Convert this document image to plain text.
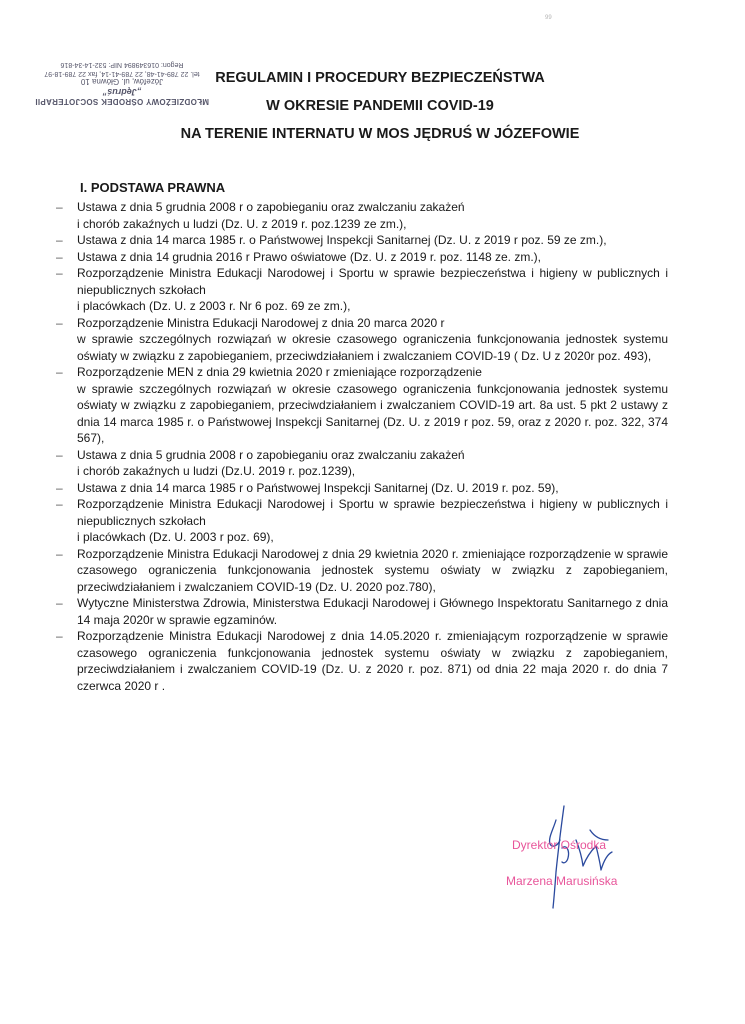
99
MŁODZIEŻOWY OŚRODEK SOCJOTERAPII
„Jędruś”
Józefów, ul. Główna 10
tel. 22 789-41-48, 22 789-41-14, fax 22 789-18-97
Regon: 016349894 NIP: 532-14-34-816
REGULAMIN I PROCEDURY BEZPIECZEŃSTWA
W OKRESIE PANDEMII COVID-19
NA TERENIE INTERNATU W MOS JĘDRUŚ W JÓZEFOWIE
I. PODSTAWA PRAWNA
–	Ustawa z dnia 5 grudnia 2008 r o zapobieganiu oraz zwalczaniu zakażeń
i chorób zakaźnych u ludzi (Dz. U. z 2019 r. poz.1239 ze zm.),
–	Ustawa z dnia 14 marca 1985 r. o Państwowej Inspekcji Sanitarnej (Dz. U. z 2019 r poz. 59 ze zm.),
–	Ustawa z dnia 14 grudnia 2016 r Prawo oświatowe (Dz. U. z 2019 r. poz. 1148 ze. zm.),
–	Rozporządzenie Ministra Edukacji Narodowej i Sportu w sprawie bezpieczeństwa i higieny w publicznych i niepublicznych szkołach
i placówkach (Dz. U. z 2003 r. Nr 6 poz. 69 ze zm.),
–	Rozporządzenie Ministra Edukacji Narodowej z dnia 20 marca 2020 r
w sprawie szczególnych rozwiązań w okresie czasowego ograniczenia funkcjonowania jednostek systemu oświaty w związku z zapobieganiem, przeciwdziałaniem i zwalczaniem COVID-19 ( Dz. U z 2020r poz. 493),
–	Rozporządzenie MEN z dnia 29 kwietnia 2020 r zmieniające rozporządzenie
w sprawie szczególnych rozwiązań w okresie czasowego ograniczenia funkcjonowania jednostek systemu oświaty w związku z zapobieganiem, przeciwdziałaniem i zwalczaniem COVID-19 art. 8a ust. 5 pkt 2 ustawy z dnia 14 marca 1985 r. o Państwowej Inspekcji Sanitarnej (Dz. U. z 2019 r poz. 59, oraz z 2020 r. poz. 322, 374 567),
–	Ustawa z dnia 5 grudnia 2008 r o zapobieganiu oraz zwalczaniu zakażeń
i chorób zakaźnych u ludzi (Dz.U. 2019 r. poz.1239),
–	Ustawa z dnia 14 marca 1985 r o Państwowej Inspekcji Sanitarnej (Dz. U. 2019 r. poz. 59),
–	Rozporządzenie Ministra Edukacji Narodowej i Sportu w sprawie bezpieczeństwa i higieny w publicznych i niepublicznych szkołach
i placówkach (Dz. U. 2003 r poz. 69),
–	Rozporządzenie Ministra Edukacji Narodowej z dnia 29 kwietnia 2020 r. zmieniające rozporządzenie w sprawie czasowego ograniczenia funkcjonowania jednostek systemu oświaty w związku z zapobieganiem, przeciwdziałaniem i zwalczaniem COVID-19 (Dz. U. 2020 poz.780),
–	Wytyczne Ministerstwa Zdrowia, Ministerstwa Edukacji Narodowej i Głównego Inspektoratu Sanitarnego z dnia 14 maja 2020r w sprawie egzaminów.
–	Rozporządzenie Ministra Edukacji Narodowej z dnia 14.05.2020 r. zmieniającym rozporządzenie w sprawie czasowego ograniczenia funkcjonowania jednostek systemu oświaty w związku z zapobieganiem, przeciwdziałaniem i zwalczaniem COVID-19 (Dz. U. z 2020 r. poz. 871) od dnia 22 maja 2020 r. do dnia 7 czerwca 2020 r .
Dyrektor Ośrodka
Marzena Marusińska
